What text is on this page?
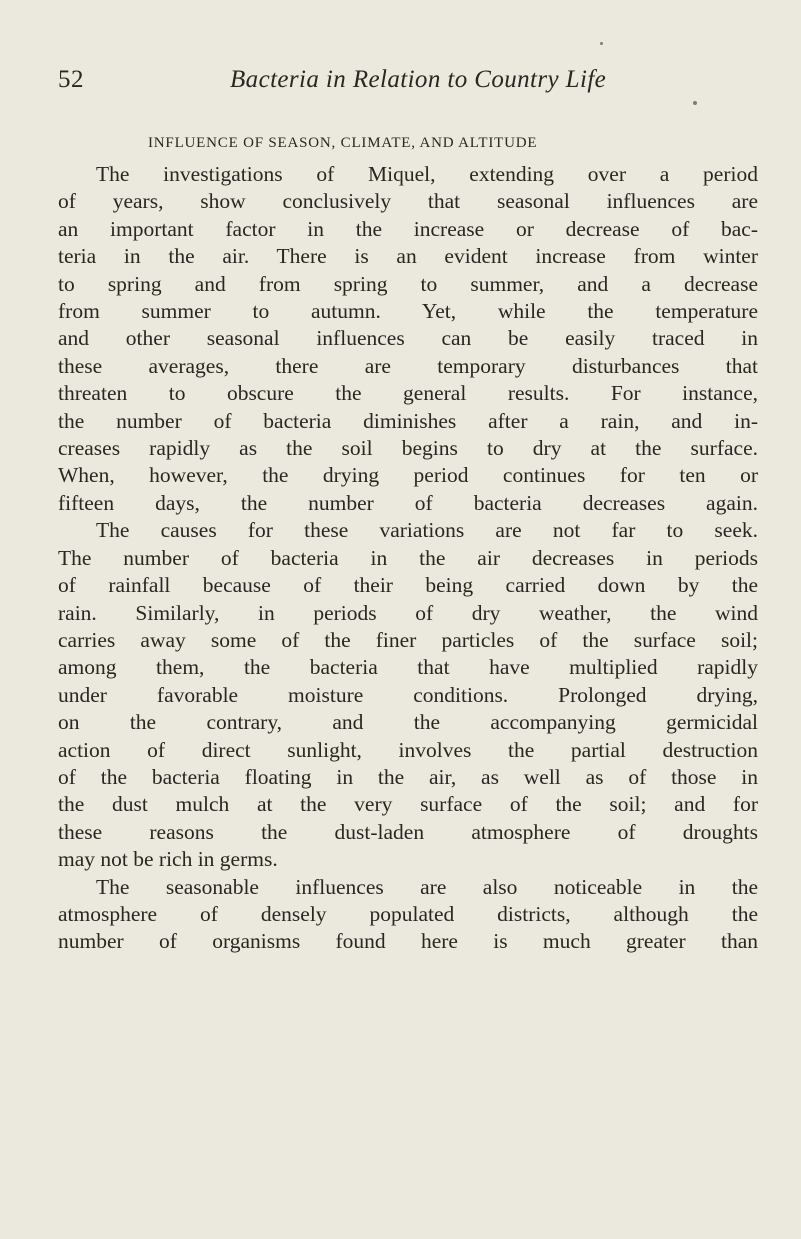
52	Bacteria in Relation to Country Life
INFLUENCE OF SEASON, CLIMATE, AND ALTITUDE
The investigations of Miquel, extending over a period
of years, show conclusively that seasonal influences are
an important factor in the increase or decrease of bac-
teria in the air. There is an evident increase from winter
to spring and from spring to summer, and a decrease
from summer to autumn. Yet, while the temperature
and other seasonal influences can be easily traced in
these averages, there are temporary disturbances that
threaten to obscure the general results. For instance,
the number of bacteria diminishes after a rain, and in-
creases rapidly as the soil begins to dry at the surface.
When, however, the drying period continues for ten or
fifteen days, the number of bacteria decreases again.
The causes for these variations are not far to seek.
The number of bacteria in the air decreases in periods
of rainfall because of their being carried down by the
rain. Similarly, in periods of dry weather, the wind
carries away some of the finer particles of the surface soil;
among them, the bacteria that have multiplied rapidly
under favorable moisture conditions. Prolonged drying,
on the contrary, and the accompanying germicidal
action of direct sunlight, involves the partial destruction
of the bacteria floating in the air, as well as of those in
the dust mulch at the very surface of the soil; and for
these reasons the dust-laden atmosphere of droughts
may not be rich in germs.
The seasonable influences are also noticeable in the
atmosphere of densely populated districts, although the
number of organisms found here is much greater than
